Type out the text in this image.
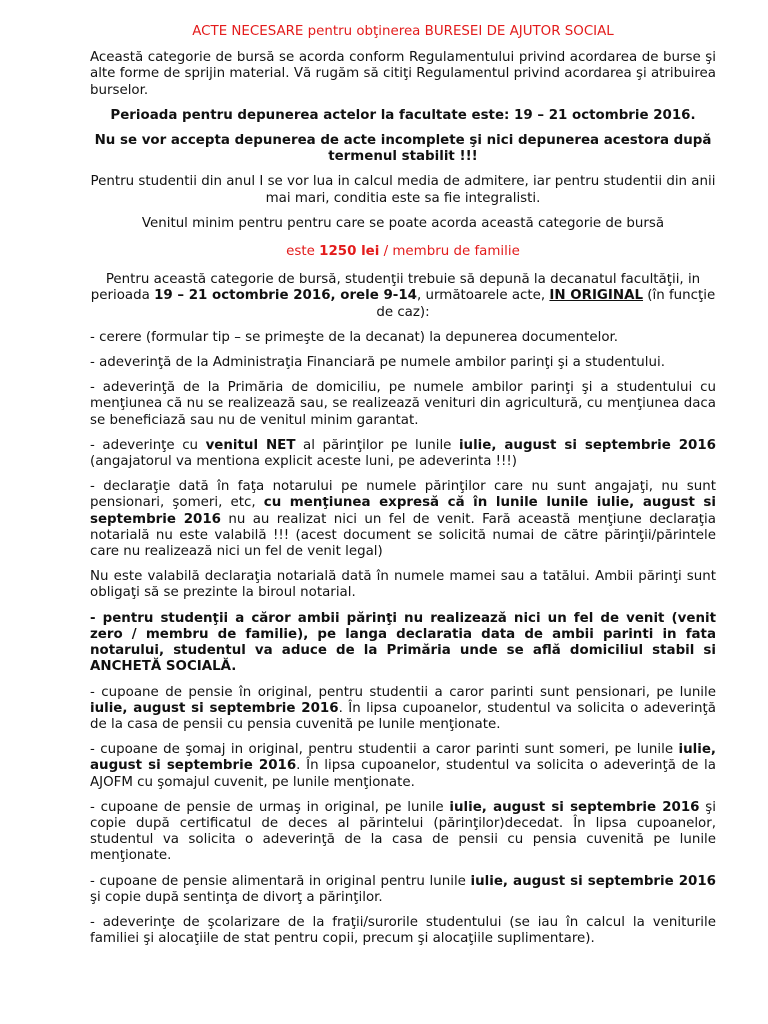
ACTE NECESARE pentru obţinerea BURESEI DE AJUTOR SOCIAL

Această categorie de bursă se acorda conform Regulamentului privind acordarea de burse şi alte forme de sprijin material. Vă rugăm să citiţi Regulamentul privind acordarea şi atribuirea burselor.

Perioada pentru depunerea actelor la facultate este: 19 – 21 octombrie 2016.

Nu se vor accepta depunerea de acte incomplete şi nici depunerea acestora după termenul stabilit !!!

Pentru studentii din anul I se vor lua in calcul media de admitere, iar pentru studentii din anii mai mari, conditia este sa fie integralisti.

Venitul minim pentru pentru care se poate acorda această categorie de bursă

este 1250 lei / membru de familie

Pentru această categorie de bursă, studenţii trebuie să depună la decanatul facultăţii, in perioada 19 – 21 octombrie 2016, orele 9-14, următoarele acte, IN ORIGINAL (în funcţie de caz):

- cerere (formular tip – se primeşte de la decanat) la depunerea documentelor.

- adeverinţă de la Administraţia Financiară pe numele ambilor parinţi şi a studentului.

- adeverinţă de la Primăria de domiciliu, pe numele ambilor parinţi şi a studentului cu menţiunea că nu se realizează sau, se realizează venituri din agricultură, cu menţiunea daca se beneficiază sau nu de venitul minim garantat.

- adeverinţe cu venitul NET al părinţilor pe lunile iulie, august si septembrie 2016 (angajatorul va mentiona explicit aceste luni, pe adeverinta !!!)

- declaraţie dată în faţa notarului pe numele părinţilor care nu sunt angajaţi, nu sunt pensionari, şomeri, etc, cu menţiunea expresă că în lunile lunile iulie, august si septembrie 2016 nu au realizat nici un fel de venit. Fară această menţiune declaraţia notarială nu este valabilă !!! (acest document se solicită numai de către părinţii/părintele care nu realizează nici un fel de venit legal)

Nu este valabilă declaraţia notarială dată în numele mamei sau a tatălui. Ambii părinţi sunt obligaţi să se prezinte la biroul notarial.

- pentru studenţii a căror ambii părinţi nu realizează nici un fel de venit (venit zero / membru de familie), pe langa declaratia data de ambii parinti in fata notarului, studentul va aduce de la Primăria unde se află domiciliul stabil si ANCHETĂ SOCIALĂ.

- cupoane de pensie în original, pentru studentii a caror parinti sunt pensionari, pe lunile iulie, august si septembrie 2016. În lipsa cupoanelor, studentul va solicita o adeverinţă de la casa de pensii cu pensia cuvenită pe lunile menţionate.

- cupoane de şomaj in original, pentru studentii a caror parinti sunt someri, pe lunile iulie, august si septembrie 2016. În lipsa cupoanelor, studentul va solicita o adeverinţă de la AJOFM cu şomajul cuvenit, pe lunile menţionate.

- cupoane de pensie de urmaş in original, pe lunile iulie, august si septembrie 2016 şi copie după certificatul de deces al părintelui (părinţilor)decedat. În lipsa cupoanelor, studentul va solicita o adeverinţă de la casa de pensii cu pensia cuvenită pe lunile menţionate.

- cupoane de pensie alimentară in original pentru lunile iulie, august si septembrie 2016 şi copie după sentinţa de divorţ a părinţilor.

- adeverinţe de şcolarizare de la fraţii/surorile studentului (se iau în calcul la veniturile familiei şi alocaţiile de stat pentru copii, precum şi alocaţiile suplimentare).
